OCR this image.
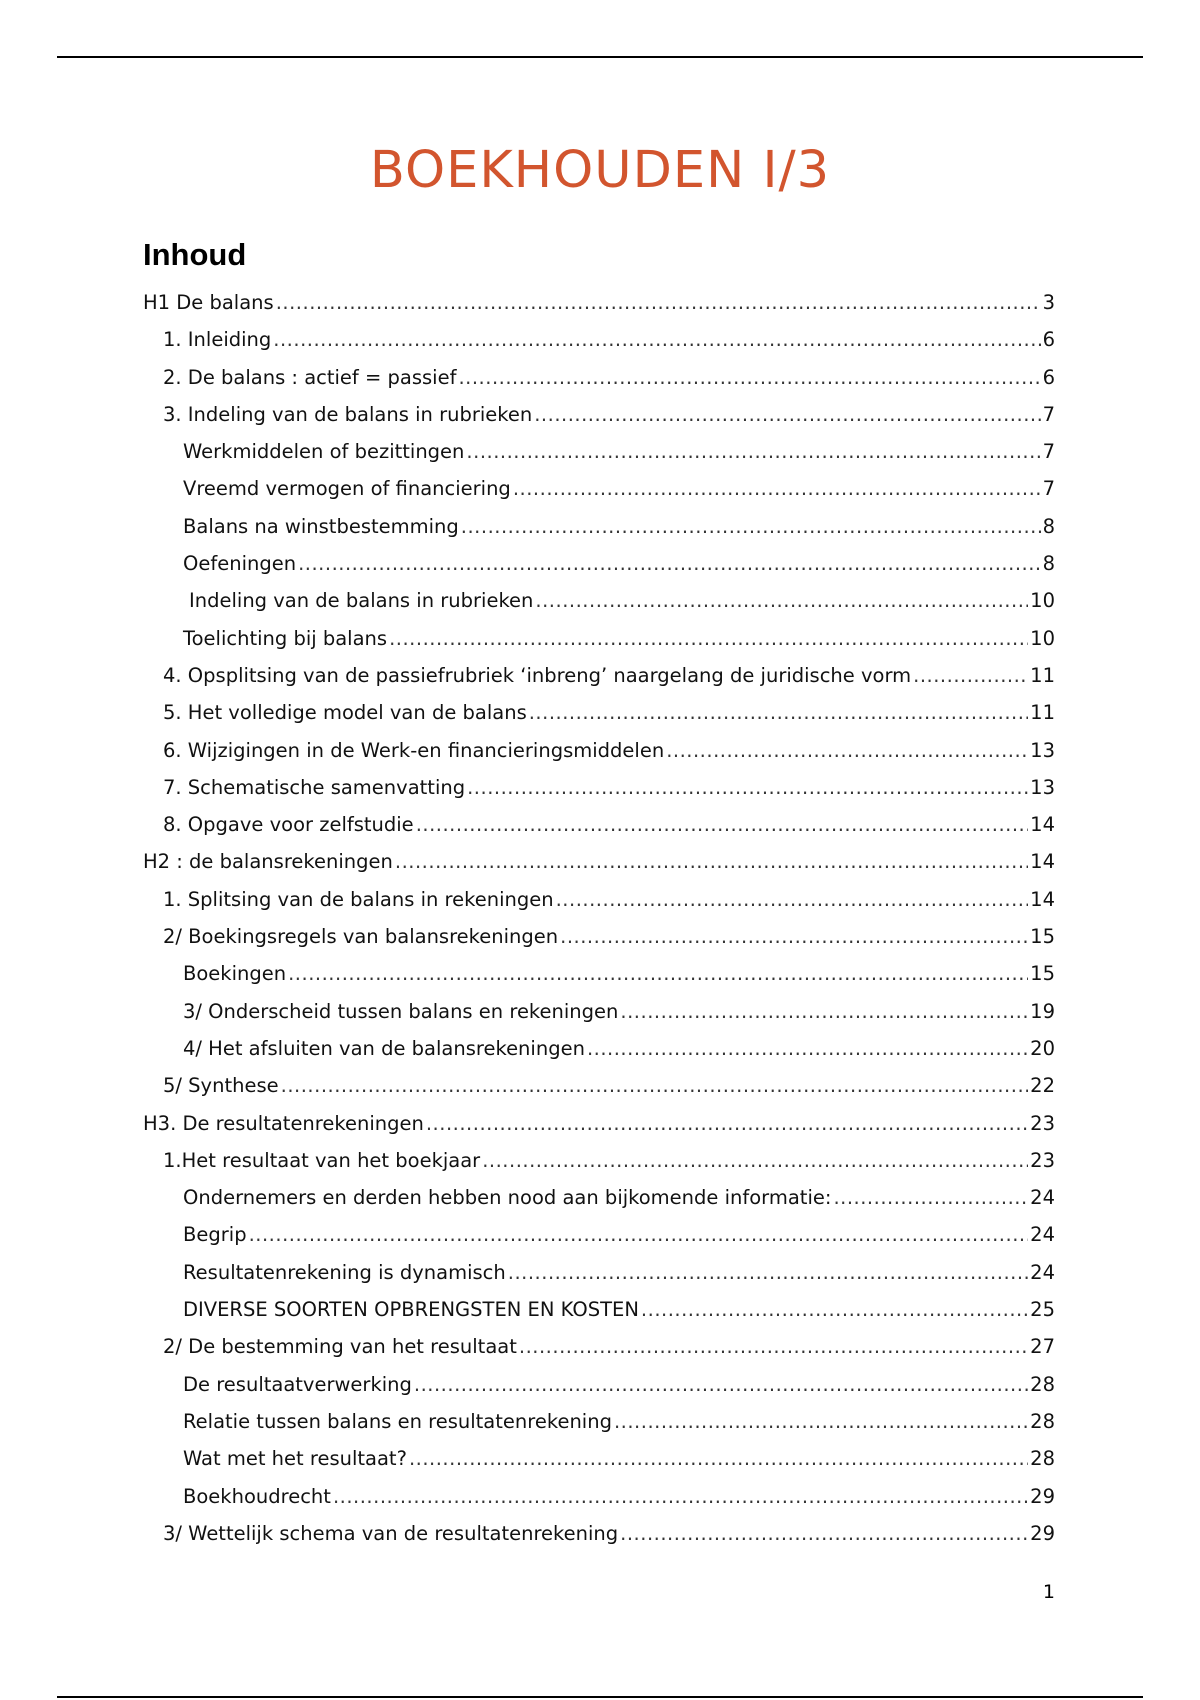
BOEKHOUDEN I/3
Inhoud
H1 De balans .....	3
1. Inleiding .....	6
2. De balans : actief = passief .....	6
3. Indeling van de balans in rubrieken .....	7
Werkmiddelen of bezittingen .....	7
Vreemd vermogen of financiering .....	7
Balans na winstbestemming .....	8
Oefeningen .....	8
Indeling van de balans in rubrieken .....	10
Toelichting bij balans .....	10
4. Opsplitsing van de passiefrubriek ‘inbreng’ naargelang de juridische vorm .....	11
5. Het volledige model van de balans .....	11
6. Wijzigingen in de Werk-en financieringsmiddelen .....	13
7. Schematische samenvatting .....	13
8. Opgave voor zelfstudie .....	14
H2 : de balansrekeningen .....	14
1. Splitsing van de balans in rekeningen .....	14
2/ Boekingsregels van balansrekeningen .....	15
Boekingen .....	15
3/ Onderscheid tussen balans en rekeningen .....	19
4/ Het afsluiten van de balansrekeningen .....	20
5/ Synthese .....	22
H3. De resultatenrekeningen .....	23
1.Het resultaat van het boekjaar .....	23
Ondernemers en derden hebben nood aan bijkomende informatie: .....	24
Begrip .....	24
Resultatenrekening is dynamisch .....	24
DIVERSE SOORTEN OPBRENGSTEN EN KOSTEN .....	25
2/ De bestemming van het resultaat .....	27
De resultaatverwerking .....	28
Relatie tussen balans en resultatenrekening .....	28
Wat met het resultaat? .....	28
Boekhoudrecht .....	29
3/ Wettelijk schema van de resultatenrekening .....	29
1
